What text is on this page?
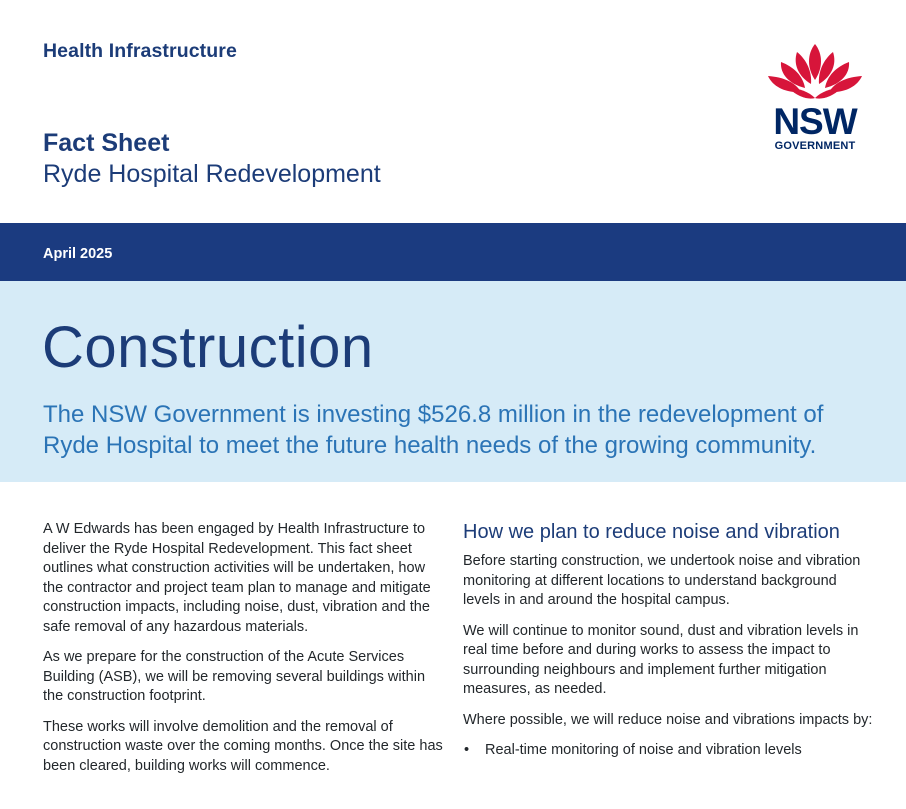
Health Infrastructure
Fact Sheet
Ryde Hospital Redevelopment
NSW
GOVERNMENT
April 2025
Construction
The NSW Government is investing $526.8 million in the redevelopment of Ryde Hospital to meet the future health needs of the growing community.

A W Edwards has been engaged by Health Infrastructure to deliver the Ryde Hospital Redevelopment. This fact sheet outlines what construction activities will be undertaken, how the contractor and project team plan to manage and mitigate construction impacts, including noise, dust, vibration and the safe removal of any hazardous materials.

As we prepare for the construction of the Acute Services Building (ASB), we will be removing several buildings within the construction footprint.

These works will involve demolition and the removal of construction waste over the coming months. Once the site has been cleared, building works will commence.

How we plan to reduce noise and vibration

Before starting construction, we undertook noise and vibration monitoring at different locations to understand background levels in and around the hospital campus.

We will continue to monitor sound, dust and vibration levels in real time before and during works to assess the impact to surrounding neighbours and implement further mitigation measures, as needed.

Where possible, we will reduce noise and vibrations impacts by:

• Real-time monitoring of noise and vibration levels
